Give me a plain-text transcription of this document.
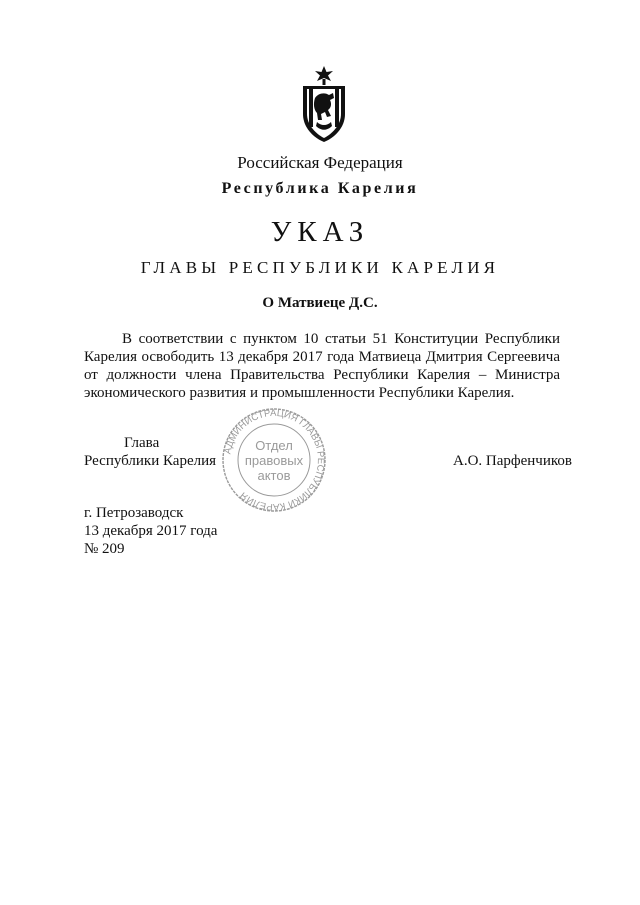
Российская Федерация
Республика Карелия
УКАЗ
ГЛАВЫ РЕСПУБЛИКИ КАРЕЛИЯ
О Матвиеце Д.С.
В соответствии с пунктом 10 статьи 51 Конституции Республики Карелия освободить 13 декабря 2017 года Матвиеца Дмитрия Сергеевича от должности члена Правительства Республики Карелия – Министра экономического развития и промышленности Республики Карелия.
АДМИНИСТРАЦИЯ ГЛАВЫ РЕСПУБЛИКИ КАРЕЛИЯ
Отдел
правовых
актов
Глава
Республики Карелия	А.О. Парфенчиков
г. Петрозаводск
13 декабря 2017 года
№ 209
